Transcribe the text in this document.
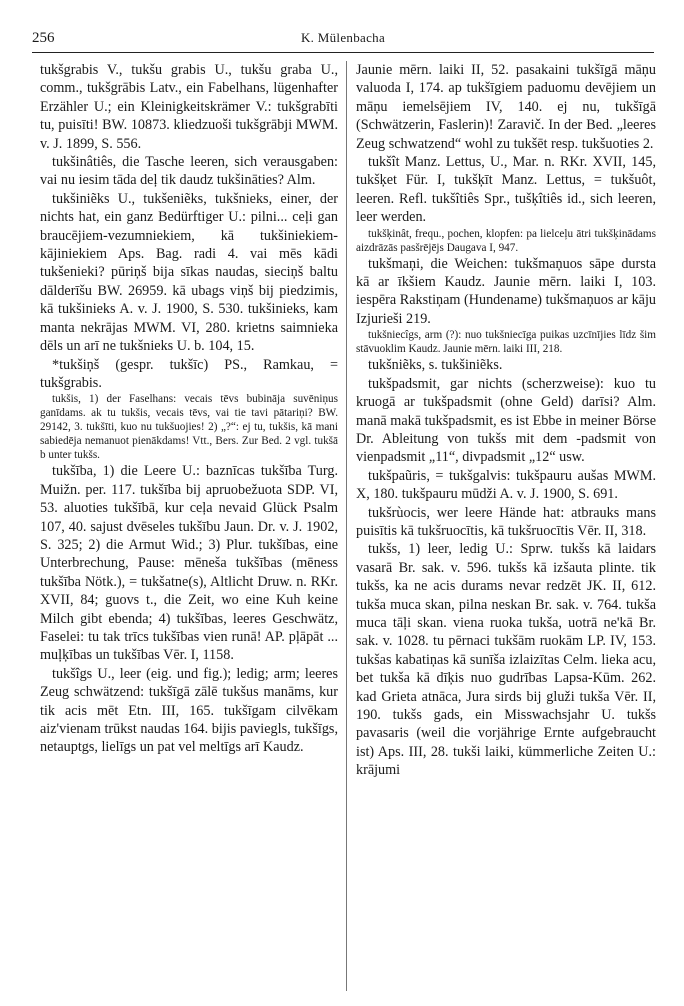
256	K. Mülenbacha

tukšgrabis V., tukšu grabis U., tukšu graba U., comm., tukšgrābis Latv., ein Fabelhans, lügenhafter Erzähler U.; ein Kleinigkeitskrämer V.: tukšgrabīti tu, puisīti! BW. 10873. kliedzuoši tukšgrābji MWM. v. J. 1899, S. 556.

tukšinâtiês, die Tasche leeren, sich verausgaben: vai nu iesim tāda deļ tik daudz tukšināties? Alm.

tukšiniẽks U., tukšeniẽks, tukšnieks, einer, der nichts hat, ein ganz Bedürftiger U.: pilni... ceļi gan braucējiem-vezumniekiem, kā tukšiniekiem-kājiniekiem Aps. Bag. radi 4. vai mēs kādi tukšenieki? pūriņš bija sīkas naudas, sieciņš baltu dālderīšu BW. 26959. kā ubags viņš bij piedzimis, kā tukšinieks A. v. J. 1900, S. 530. tukšinieks, kam manta nekrājas MWM. VI, 280. krietns saimnieka dēls un arī ne tukšnieks U. b. 104, 15.

*tukšiņš (gespr. tukšīc) PS., Ramkau, = tukšgrabis.

tukšis, 1) der Faselhans: vecais tēvs bubināja suvēniņus ganīdams. ak tu tukšis, vecais tēvs, vai tie tavi pātariņi? BW. 29142, 3. tukšīti, kuo nu tukšuojies! 2) „?“: ej tu, tukšis, kā mani sabiedēja nemanuot pienākdams! Vtt., Bers. Zur Bed. 2 vgl. tukšā b unter tukšs.

tukšība, 1) die Leere U.: baznīcas tukšība Turg. Muižn. per. 117. tukšība bij apruobežuota SDP. VI, 53. aluoties tukšībā, kur ceļa nevaid Glück Psalm 107, 40. sajust dvēseles tukšību Jaun. Dr. v. J. 1902, S. 325; 2) die Armut Wid.; 3) Plur. tukšības, eine Unterbrechung, Pause: mēneša tukšības (mēness tukšība Nötk.), = tukšatne(s), Altlicht Druw. n. RKr. XVII, 84; guovs t., die Zeit, wo eine Kuh keine Milch gibt ebenda; 4) tukšības, leeres Geschwätz, Faselei: tu tak trīcs tukšības vien runā! AP. pļāpāt ... muļķības un tukšības Vēr. I, 1158.

tukšîgs U., leer (eig. und fig.); ledig; arm; leeres Zeug schwätzend: tukšīgā zālē tukšus manāms, kur tik acis mēt Etn. III, 165. tukšīgam cilvēkam aiz'vienam trūkst naudas 164. bijis paviegls, tukšīgs, netauptgs, lielīgs un pat vel meltīgs arī Kaudz.

Jaunie mērn. laiki II, 52. pasakaini tukšīgā māņu valuoda I, 174. ap tukšīgiem paduomu devējiem un māņu iemelsējiem IV, 140. ej nu, tukšīgā (Schwätzerin, Faslerin)! Zaravič. In der Bed. „leeres Zeug schwatzend“ wohl zu tukšēt resp. tukšuoties 2.

tukšît Manz. Lettus, U., Mar. n. RKr. XVII, 145, tukšķet Für. I, tukšķīt Manz. Lettus, = tukšuôt, leeren. Refl. tukšîtiês Spr., tušķîtiês id., sich leeren, leer werden.

tukšķinât, frequ., pochen, klopfen: pa lielceļu ātri tukšķinādams aizdrāzās pasšrējējs Daugava I, 947.

tukšmaņi, die Weichen: tukšmaņuos sāpe dursta kā ar īkšiem Kaudz. Jaunie mērn. laiki I, 103. iespēra Rakstiņam (Hundename) tukšmaņuos ar kāju Izjurieši 219.

tukšniecîgs, arm (?): nuo tukšniecīga puikas uzcīnījies līdz šim stāvuoklim Kaudz. Jaunie mērn. laiki III, 218.

tukšniẽks, s. tukšiniẽks.

tukšpadsmit, gar nichts (scherzweise): kuo tu kruogā ar tukšpadsmit (ohne Geld) darīsi? Alm. manā makā tukšpadsmit, es ist Ebbe in meiner Börse Dr. Ableitung von tukšs mit dem -padsmit von vienpadsmit „11“, divpadsmit „12“ usw.

tukšpaũris, = tukšgalvis: tukšpauru aušas MWM. X, 180. tukšpauru mūdži A. v. J. 1900, S. 691.

tukšrùocis, wer leere Hände hat: atbrauks mans puisītis kā tukšruocītis, kā tukšruocītis Vēr. II, 318.

tukšs, 1) leer, ledig U.: Sprw. tukšs kā laidars vasarā Br. sak. v. 596. tukšs kā izšauta plinte. tik tukšs, ka ne acis durams nevar redzēt JK. II, 612. tukša muca skan, pilna neskan Br. sak. v. 764. tukša muca tāļi skan. viena ruoka tukša, uotrā ne'kā Br. sak. v. 1028. tu pērnaci tukšām ruokām LP. IV, 153. tukšas kabatiņas kā sunīša izlaizītas Celm. lieka acu, bet tukša kā dīķis nuo gudrības Lapsa-Kūm. 262. kad Grieta atnāca, Jura sirds bij gluži tukša Vēr. II, 190. tukšs gads, ein Misswachsjahr U. tukšs pavasaris (weil die vorjährige Ernte aufgebraucht ist) Aps. III, 28. tukši laiki, kümmerliche Zeiten U.: krājumi
